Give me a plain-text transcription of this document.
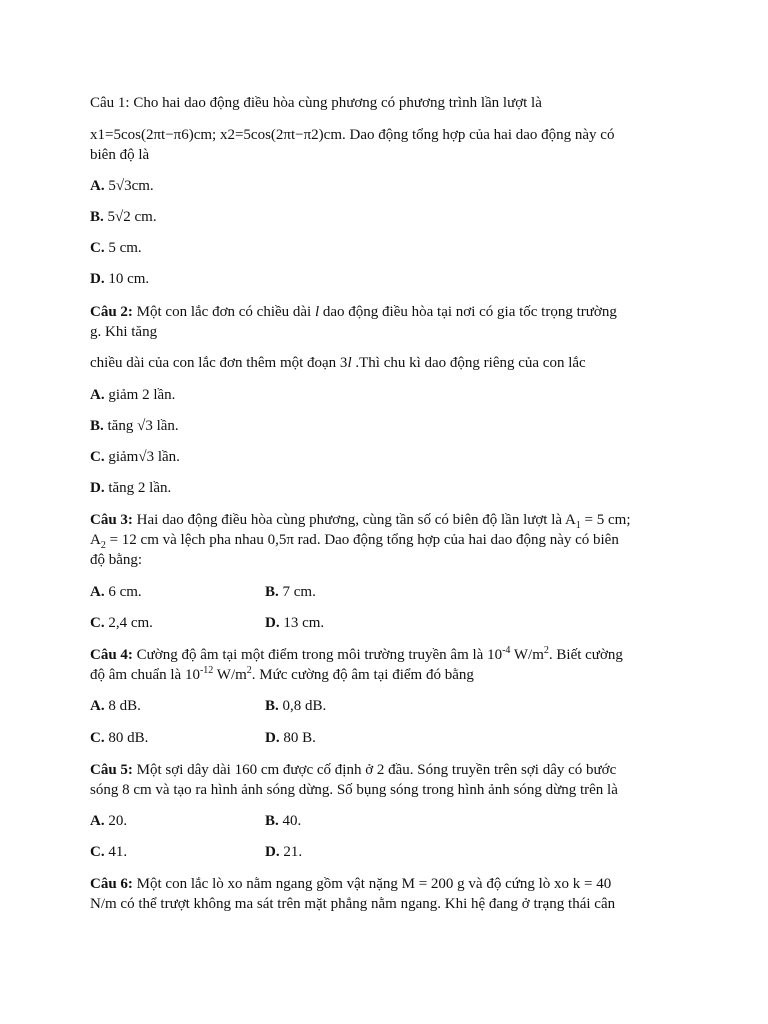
Câu 1: Cho hai dao động điều hòa cùng phương có phương trình lần lượt là
x1=5cos(2πt−π6)cm; x2=5cos(2πt−π2)cm. Dao động tổng hợp của hai dao động này có
biên độ là
A. 5√3cm.
B. 5√2 cm.
C. 5 cm.
D. 10 cm.
Câu 2: Một con lắc đơn có chiều dài l dao động điều hòa tại nơi có gia tốc trọng trường
g. Khi tăng
chiều dài của con lắc đơn thêm một đoạn 3l .Thì chu kì dao động riêng của con lắc
A. giảm 2 lần.
B. tăng √3 lần.
C. giảm√3 lần.
D. tăng 2 lần.
Câu 3: Hai dao động điều hòa cùng phương, cùng tần số có biên độ lần lượt là $A_1 = 5$ cm;
$A_2 = 12$ cm và lệch pha nhau 0,5π rad. Dao động tổng hợp của hai dao động này có biên
độ bằng:
A. 6 cm.	B. 7 cm.
C. 2,4 cm.	D. 13 cm.
Câu 4: Cường độ âm tại một điểm trong môi trường truyền âm là $10^{-4}$ $W/m^2$. Biết cường
độ âm chuẩn là $10^{-12}$ $W/m^2$. Mức cường độ âm tại điểm đó bằng
A. 8 dB.	B. 0,8 dB.
C. 80 dB.	D. 80 B.
Câu 5: Một sợi dây dài 160 cm được cố định ở 2 đầu. Sóng truyền trên sợi dây có bước
sóng 8 cm và tạo ra hình ảnh sóng dừng. Số bụng sóng trong hình ảnh sóng dừng trên là
A. 20.	B. 40.
C. 41.	D. 21.
Câu 6: Một con lắc lò xo nằm ngang gồm vật nặng M = 200 g và độ cứng lò xo k = 40
N/m có thể trượt không ma sát trên mặt phẳng nằm ngang. Khi hệ đang ở trạng thái cân
